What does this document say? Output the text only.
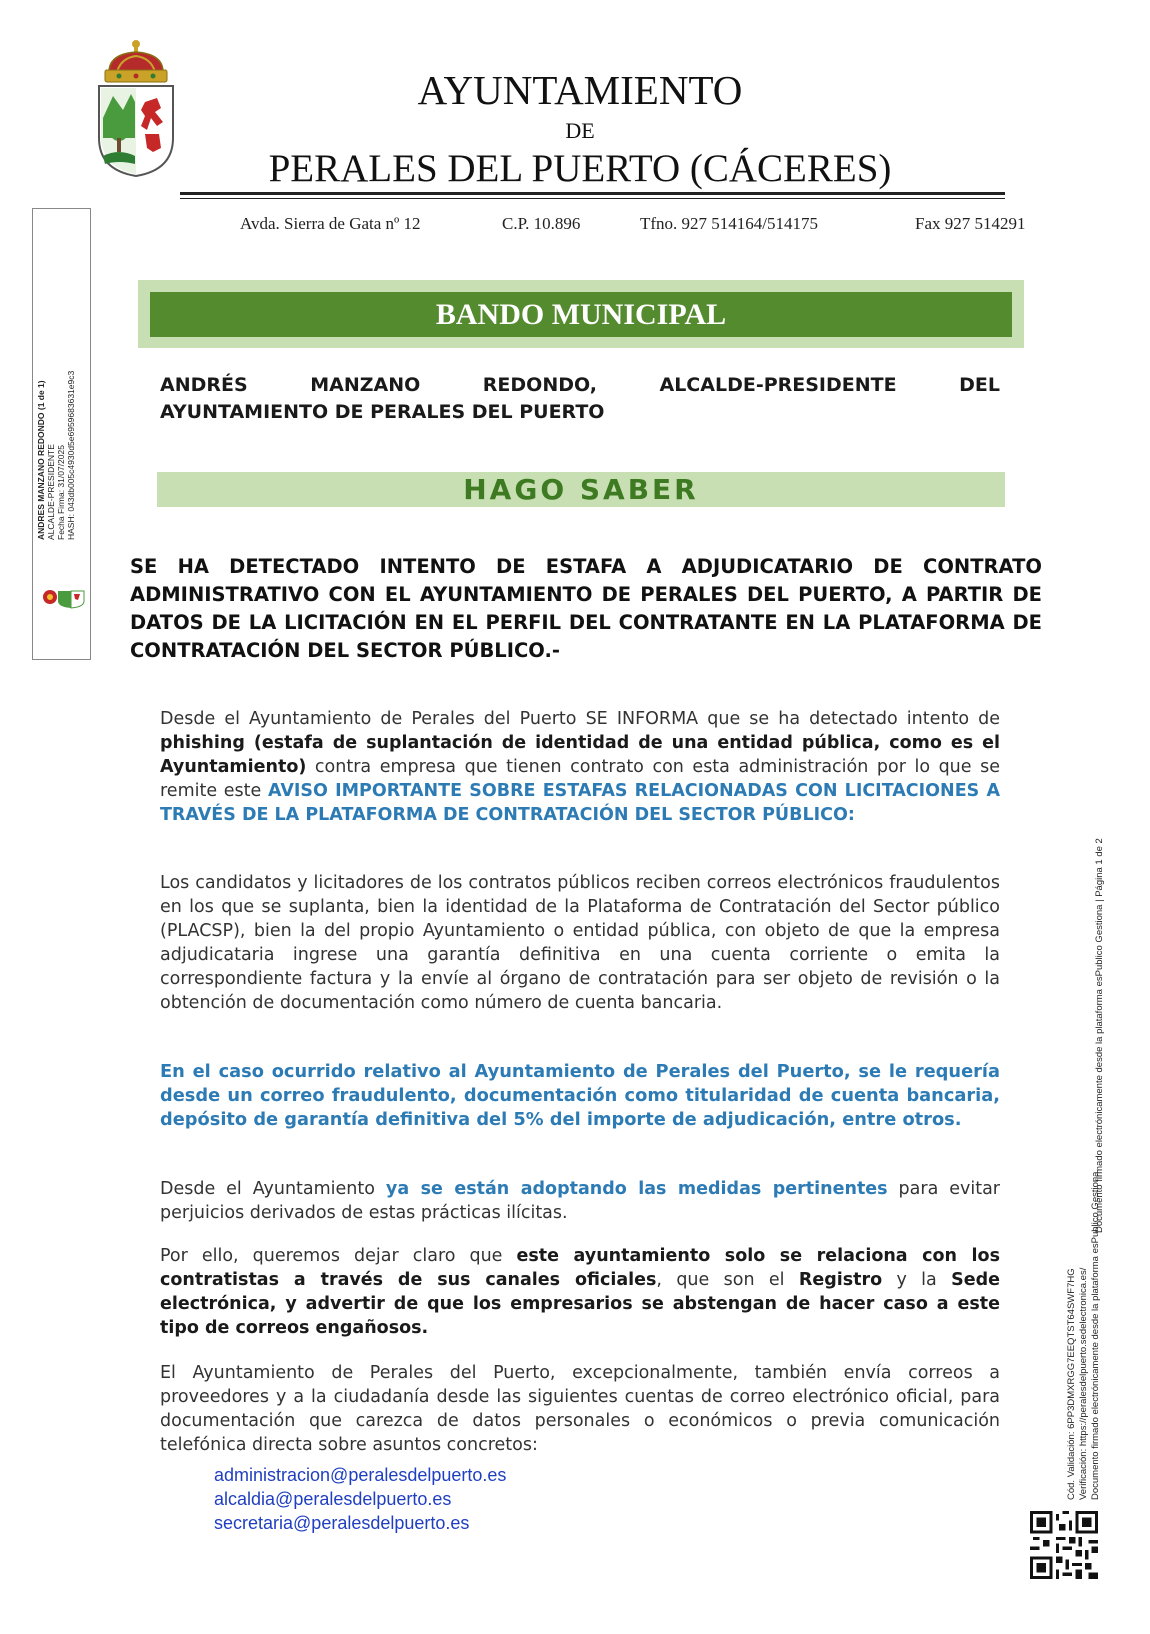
AYUNTAMIENTO
DE
PERALES DEL PUERTO (CÁCERES)
Avda. Sierra de Gata nº 12	C.P. 10.896	Tfno. 927 514164/514175	Fax 927 514291
ANDRES MANZANO REDONDO (1 de 1) ALCALDE-PRESIDENTE Fecha Firma: 31/07/2025 HASH: 043db005c4930d5e6959683631e9c3
BANDO MUNICIPAL
ANDRÉS	MANZANO	REDONDO,	ALCALDE-PRESIDENTE	DEL
AYUNTAMIENTO DE PERALES DEL PUERTO
HAGO SABER
SE HA DETECTADO INTENTO DE ESTAFA A ADJUDICATARIO DE CONTRATO ADMINISTRATIVO CON EL AYUNTAMIENTO DE PERALES DEL PUERTO, A PARTIR DE DATOS DE LA LICITACIÓN EN EL PERFIL DEL CONTRATANTE EN LA PLATAFORMA DE CONTRATACIÓN DEL SECTOR PÚBLICO.-
Desde el Ayuntamiento de Perales del Puerto SE INFORMA que se ha detectado intento de phishing (estafa de suplantación de identidad de una entidad pública, como es el Ayuntamiento) contra empresa que tienen contrato con esta administración por lo que se remite este AVISO IMPORTANTE SOBRE ESTAFAS RELACIONADAS CON LICITACIONES A TRAVÉS DE LA PLATAFORMA DE CONTRATACIÓN DEL SECTOR PÚBLICO:
Los candidatos y licitadores de los contratos públicos reciben correos electrónicos fraudulentos en los que se suplanta, bien la identidad de la Plataforma de Contratación del Sector público (PLACSP), bien la del propio Ayuntamiento o entidad pública, con objeto de que la empresa adjudicataria ingrese una garantía definitiva en una cuenta corriente o emita la correspondiente factura y la envíe al órgano de contratación para ser objeto de revisión o la obtención de documentación como número de cuenta bancaria.
En el caso ocurrido relativo al Ayuntamiento de Perales del Puerto, se le requería desde un correo fraudulento, documentación como titularidad de cuenta bancaria, depósito de garantía definitiva del 5% del importe de adjudicación, entre otros.
Desde el Ayuntamiento ya se están adoptando las medidas pertinentes para evitar perjuicios derivados de estas prácticas ilícitas.
Por ello, queremos dejar claro que este ayuntamiento solo se relaciona con los contratistas a través de sus canales oficiales, que son el Registro y la Sede electrónica, y advertir de que los empresarios se abstengan de hacer caso a este tipo de correos engañosos.
El Ayuntamiento de Perales del Puerto, excepcionalmente, también envía correos a proveedores y a la ciudadanía desde las siguientes cuentas de correo electrónico oficial, para documentación que carezca de datos personales o económicos o previa comunicación telefónica directa sobre asuntos concretos:
administracion@peralesdelpuerto.es
alcaldia@peralesdelpuerto.es
secretaria@peralesdelpuerto.es
Documento firmado electrónicamente desde la plataforma esPublico Gestiona | Página 1 de 2
Cód. Validación: 6PP3DMXRGG7EEQTST64SWF7HG Verificación: https://peralesdelpuerto.sedelectronica.es/ Documento firmado electrónicamente desde la plataforma esPublico Gestiona
